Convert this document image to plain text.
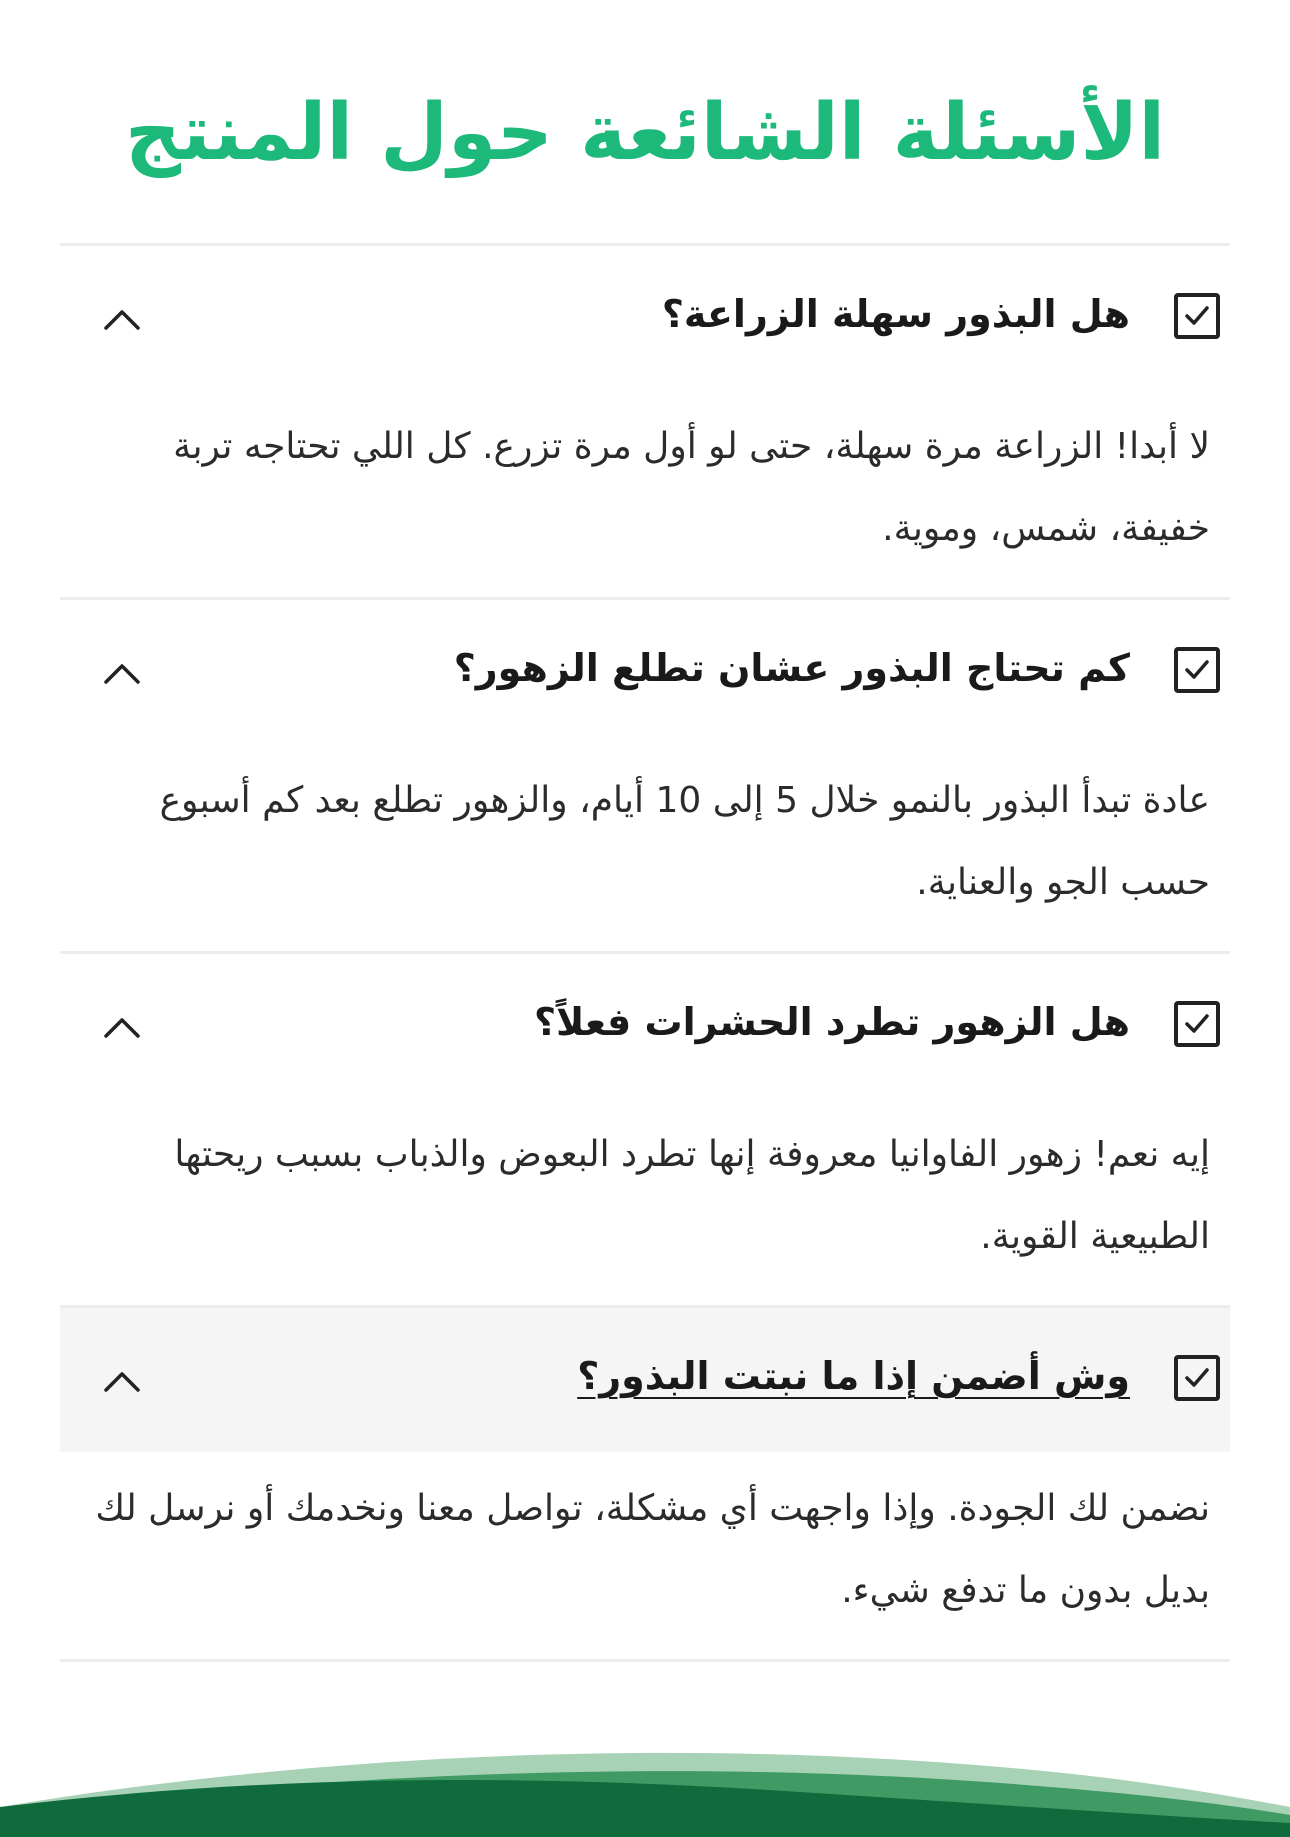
الأسئلة الشائعة حول المنتج
هل البذور سهلة الزراعة؟

لا أبدا! الزراعة مرة سهلة، حتى لو أول مرة تزرع. كل اللي تحتاجه تربة خفيفة، شمس، وموية.

كم تحتاج البذور عشان تطلع الزهور؟

عادة تبدأ البذور بالنمو خلال 5 إلى 10 أيام، والزهور تطلع بعد كم أسبوع حسب الجو والعناية.

هل الزهور تطرد الحشرات فعلاً؟

إيه نعم! زهور الفاوانيا معروفة إنها تطرد البعوض والذباب بسبب ريحتها الطبيعية القوية.

وش أضمن إذا ما نبتت البذور؟

نضمن لك الجودة. وإذا واجهت أي مشكلة، تواصل معنا ونخدمك أو نرسل لك بديل بدون ما تدفع شيء.
